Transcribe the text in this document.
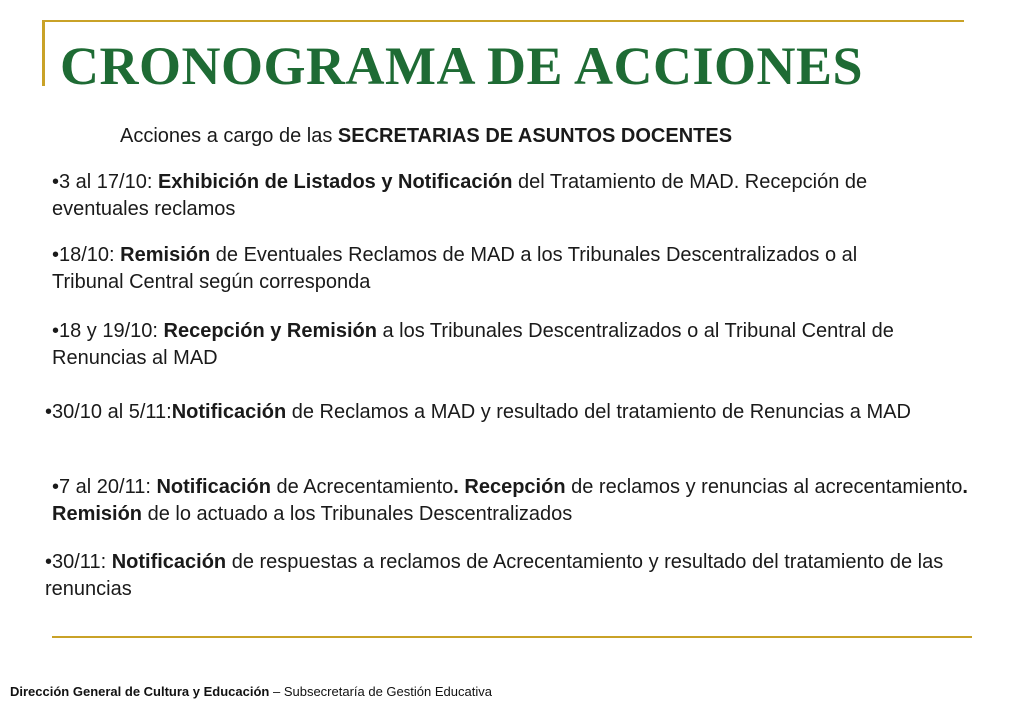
CRONOGRAMA DE ACCIONES

Acciones a cargo de las SECRETARIAS DE ASUNTOS DOCENTES

•3 al 17/10: Exhibición de Listados y Notificación del Tratamiento de MAD. Recepción de eventuales reclamos

•18/10: Remisión de Eventuales Reclamos de MAD a los Tribunales Descentralizados o al Tribunal Central según corresponda

•18 y 19/10: Recepción y Remisión a los Tribunales Descentralizados o al Tribunal Central de Renuncias al MAD

•30/10 al 5/11:Notificación de Reclamos a MAD y resultado del tratamiento de Renuncias a MAD

•7 al 20/11: Notificación de Acrecentamiento. Recepción de reclamos y renuncias al acrecentamiento. Remisión de lo actuado a los Tribunales Descentralizados

•30/11: Notificación de respuestas a reclamos de Acrecentamiento y resultado del tratamiento de las renuncias

Dirección General de Cultura y Educación – Subsecretaría de Gestión Educativa
